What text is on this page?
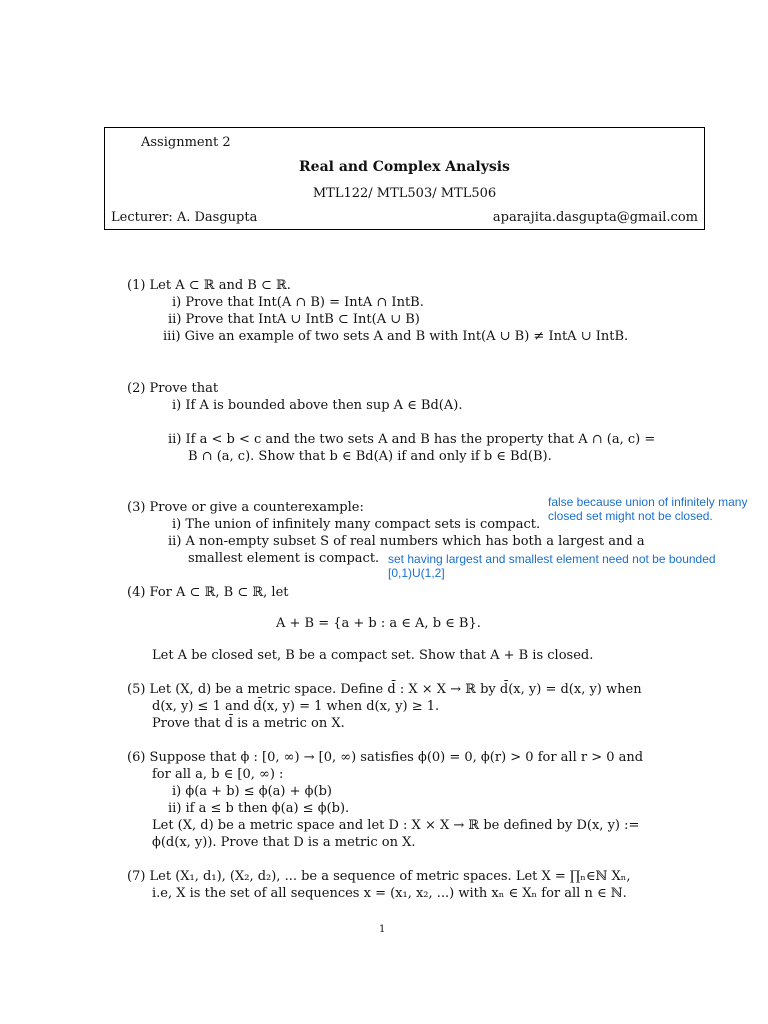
Assignment 2
Real and Complex Analysis
MTL122/ MTL503/ MTL506
Lecturer: A. Dasgupta	aparajita.dasgupta@gmail.com
(1) Let A ⊂ ℝ and B ⊂ ℝ.
i) Prove that Int(A ∩ B) = IntA ∩ IntB.
ii) Prove that IntA ∪ IntB ⊂ Int(A ∪ B)
iii) Give an example of two sets A and B with Int(A ∪ B) ≠ IntA ∪ IntB.
(2) Prove that
i) If A is bounded above then sup A ∈ Bd(A).
ii) If a < b < c and the two sets A and B has the property that A ∩ (a, c) =
B ∩ (a, c). Show that b ∈ Bd(A) if and only if b ∈ Bd(B).
(3) Prove or give a counterexample:
i) The union of infinitely many compact sets is compact.
ii) A non-empty subset S of real numbers which has both a largest and a
smallest element is compact.
false because union of infinitely many closed set might not be closed.
set having largest and smallest element need not be bounded
[0,1)U(1,2]
(4) For A ⊂ ℝ, B ⊂ ℝ, let
A + B = {a + b : a ∈ A, b ∈ B}.
Let A be closed set, B be a compact set. Show that A + B is closed.
(5) Let (X, d) be a metric space. Define d̄ : X × X → ℝ by d̄(x, y) = d(x, y) when
d(x, y) ≤ 1 and d̄(x, y) = 1 when d(x, y) ≥ 1.
Prove that d̄ is a metric on X.
(6) Suppose that ϕ : [0, ∞) → [0, ∞) satisfies ϕ(0) = 0, ϕ(r) > 0 for all r > 0 and
for all a, b ∈ [0, ∞) :
i) ϕ(a + b) ≤ ϕ(a) + ϕ(b)
ii) if a ≤ b then ϕ(a) ≤ ϕ(b).
Let (X, d) be a metric space and let D : X × X → ℝ be defined by D(x, y) :=
ϕ(d(x, y)). Prove that D is a metric on X.
(7) Let (X₁, d₁), (X₂, d₂), ... be a sequence of metric spaces. Let X = ∏ₙ∈ℕ Xₙ,
i.e, X is the set of all sequences x = (x₁, x₂, ...) with xₙ ∈ Xₙ for all n ∈ ℕ.
1
